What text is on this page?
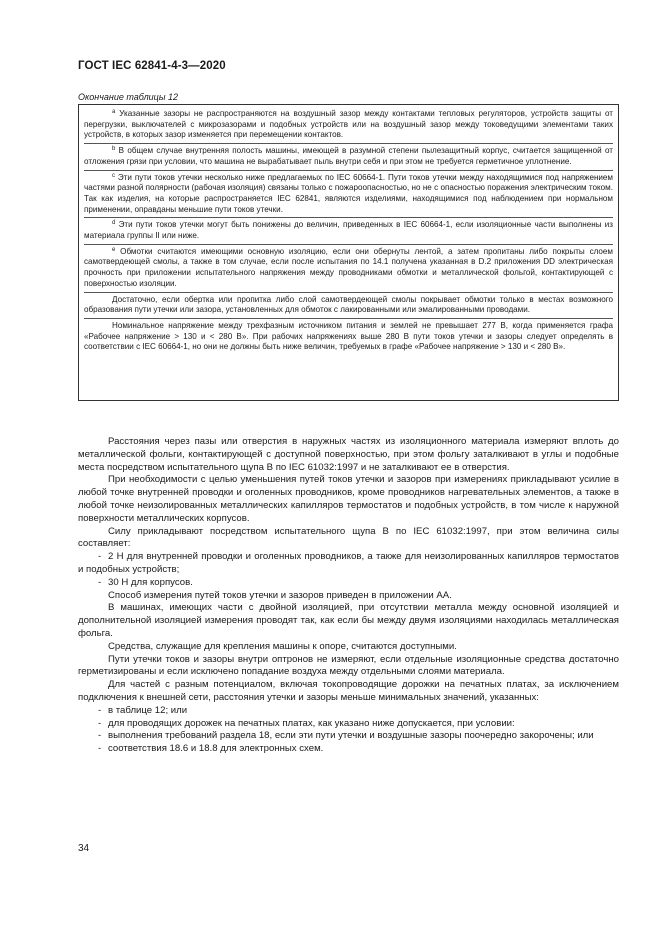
ГОСТ IEC 62841-4-3—2020
Окончание таблицы 12

$^a$ Указанные зазоры не распространяются на воздушный зазор между контактами тепловых регуляторов, устройств защиты от перегрузки, выключателей с микрозазорами и подобных устройств или на воздушный зазор между токоведущими элементами таких устройств, в которых зазор изменяется при перемещении контактов.

$^b$ В общем случае внутренняя полость машины, имеющей в разумной степени пылезащитный корпус, считается защищенной от отложения грязи при условии, что машина не вырабатывает пыль внутри себя и при этом не требуется герметичное уплотнение.

$^c$ Эти пути токов утечки несколько ниже предлагаемых по IEC 60664-1. Пути токов утечки между находящимися под напряжением частями разной полярности (рабочая изоляция) связаны только с пожароопасностью, но не с опасностью поражения электрическим током. Так как изделия, на которые распространяется IEC 62841, являются изделиями, находящимися под наблюдением при нормальном применении, оправданы меньшие пути токов утечки.

$^d$ Эти пути токов утечки могут быть понижены до величин, приведенных в IEC 60664-1, если изоляционные части выполнены из материала группы II или ниже.

$^e$ Обмотки считаются имеющими основную изоляцию, если они обернуты лентой, а затем пропитаны либо покрыты слоем самотвердеющей смолы, а также в том случае, если после испытания по 14.1 получена указанная в D.2 приложения DD электрическая прочность при приложении испытательного напряжения между проводниками обмотки и металлической фольгой, контактирующей с поверхностью изоляции.

Достаточно, если обертка или пропитка либо слой самотвердеющей смолы покрывает обмотки только в местах возможного образования пути утечки или зазора, установленных для обмоток с лакированными или эмалированными проводами.

Номинальное напряжение между трехфазным источником питания и землей не превышает 277 В, когда применяется графа «Рабочее напряжение > 130 и < 280 В». При рабочих напряжениях выше 280 В пути токов утечки и зазоры следует определять в соответствии с IEC 60664-1, но они не должны быть ниже величин, требуемых в графе «Рабочее напряжение > 130 и < 280 В».

Расстояния через пазы или отверстия в наружных частях из изоляционного материала измеряют вплоть до металлической фольги, контактирующей с доступной поверхностью, при этом фольгу заталкивают в углы и подобные места посредством испытательного щупа В по IEC 61032:1997 и не заталкивают ее в отверстия.

При необходимости с целью уменьшения путей токов утечки и зазоров при измерениях прикладывают усилие в любой точке внутренней проводки и оголенных проводников, кроме проводников нагревательных элементов, а также в любой точке неизолированных металлических капилляров термостатов и подобных устройств, в том числе к наружной поверхности металлических корпусов.

Силу прикладывают посредством испытательного щупа В по IEC 61032:1997, при этом величина силы составляет:

- 2 Н для внутренней проводки и оголенных проводников, а также для неизолированных капилляров термостатов и подобных устройств;

- 30 Н для корпусов.

Способ измерения путей токов утечки и зазоров приведен в приложении АА.

В машинах, имеющих части с двойной изоляцией, при отсутствии металла между основной изоляцией и дополнительной изоляцией измерения проводят так, как если бы между двумя изоляциями находилась металлическая фольга.

Средства, служащие для крепления машины к опоре, считаются доступными.

Пути утечки токов и зазоры внутри оптронов не измеряют, если отдельные изоляционные средства достаточно герметизированы и если исключено попадание воздуха между отдельными слоями материала.

Для частей с разным потенциалом, включая токопроводящие дорожки на печатных платах, за исключением подключения к внешней сети, расстояния утечки и зазоры меньше минимальных значений, указанных:

- в таблице 12; или

- для проводящих дорожек на печатных платах, как указано ниже допускается, при условии:

- выполнения требований раздела 18, если эти пути утечки и воздушные зазоры поочередно закорочены; или

- соответствия 18.6 и 18.8 для электронных схем.

34
